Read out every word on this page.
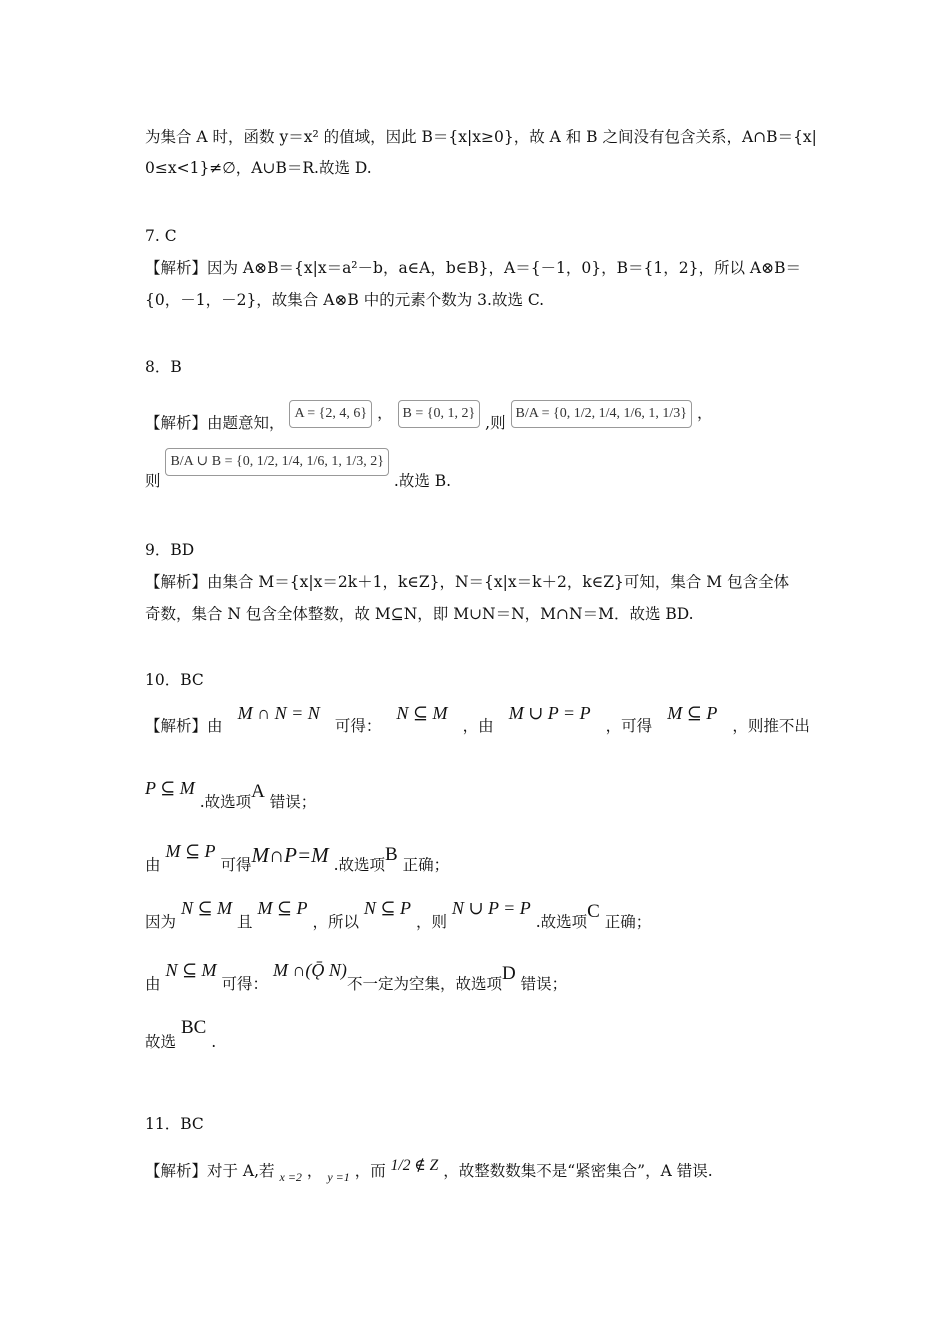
为集合 A 时，函数 y＝x² 的值域，因此 B＝{x|x≥0}，故 A 和 B 之间没有包含关系，A∩B＝{x|
0≤x<1}≠∅，A∪B＝R.故选 D.
7. C
【解析】因为 A⊗B＝{x|x＝a²－b，a∈A，b∈B}，A＝{－1，0}，B＝{1，2}，所以 A⊗B＝
{0，－1，－2}，故集合 A⊗B 中的元素个数为 3.故选 C.
8．B
【解析】由题意知， A = {2, 4, 6} ， B = {0, 1, 2} ,则 B/A = {0, 1/2, 1/4, 1/6, 1, 1/3} ，
则 B/A ∪ B = {0, 1/2, 1/4, 1/6, 1, 1/3, 2} .故选 B.
9．BD
【解析】由集合 M＝{x|x＝2k＋1，k∈Z}，N＝{x|x＝k＋2，k∈Z}可知，集合 M 包含全体
奇数，集合 N 包含全体整数，故 M⊆N，即 M∪N＝N，M∩N＝M．故选 BD.
10．BC
【解析】由
M ∩ N = N
可得：
N ⊆ M
，由
M ∪ P = P
，可得
M ⊆ P
，则推不出
P ⊆ M .故选项A 错误；
由 M ⊆ P 可得M∩P=M .故选项B 正确；
因为 N ⊆ M 且 M ⊆ P ，所以 N ⊆ P ，则 N ∪ P = P .故选项C 正确；
由 N ⊆ M 可得： M ∩(Ǭ N)不一定为空集，故选项D 错误；
故选 BC .
11．BC
【解析】对于 A,若 $_{x =2}$ ， $_{y =1}$ ，而 1/2 ∉ Z ，故整数数集不是“紧密集合”，A 错误.
